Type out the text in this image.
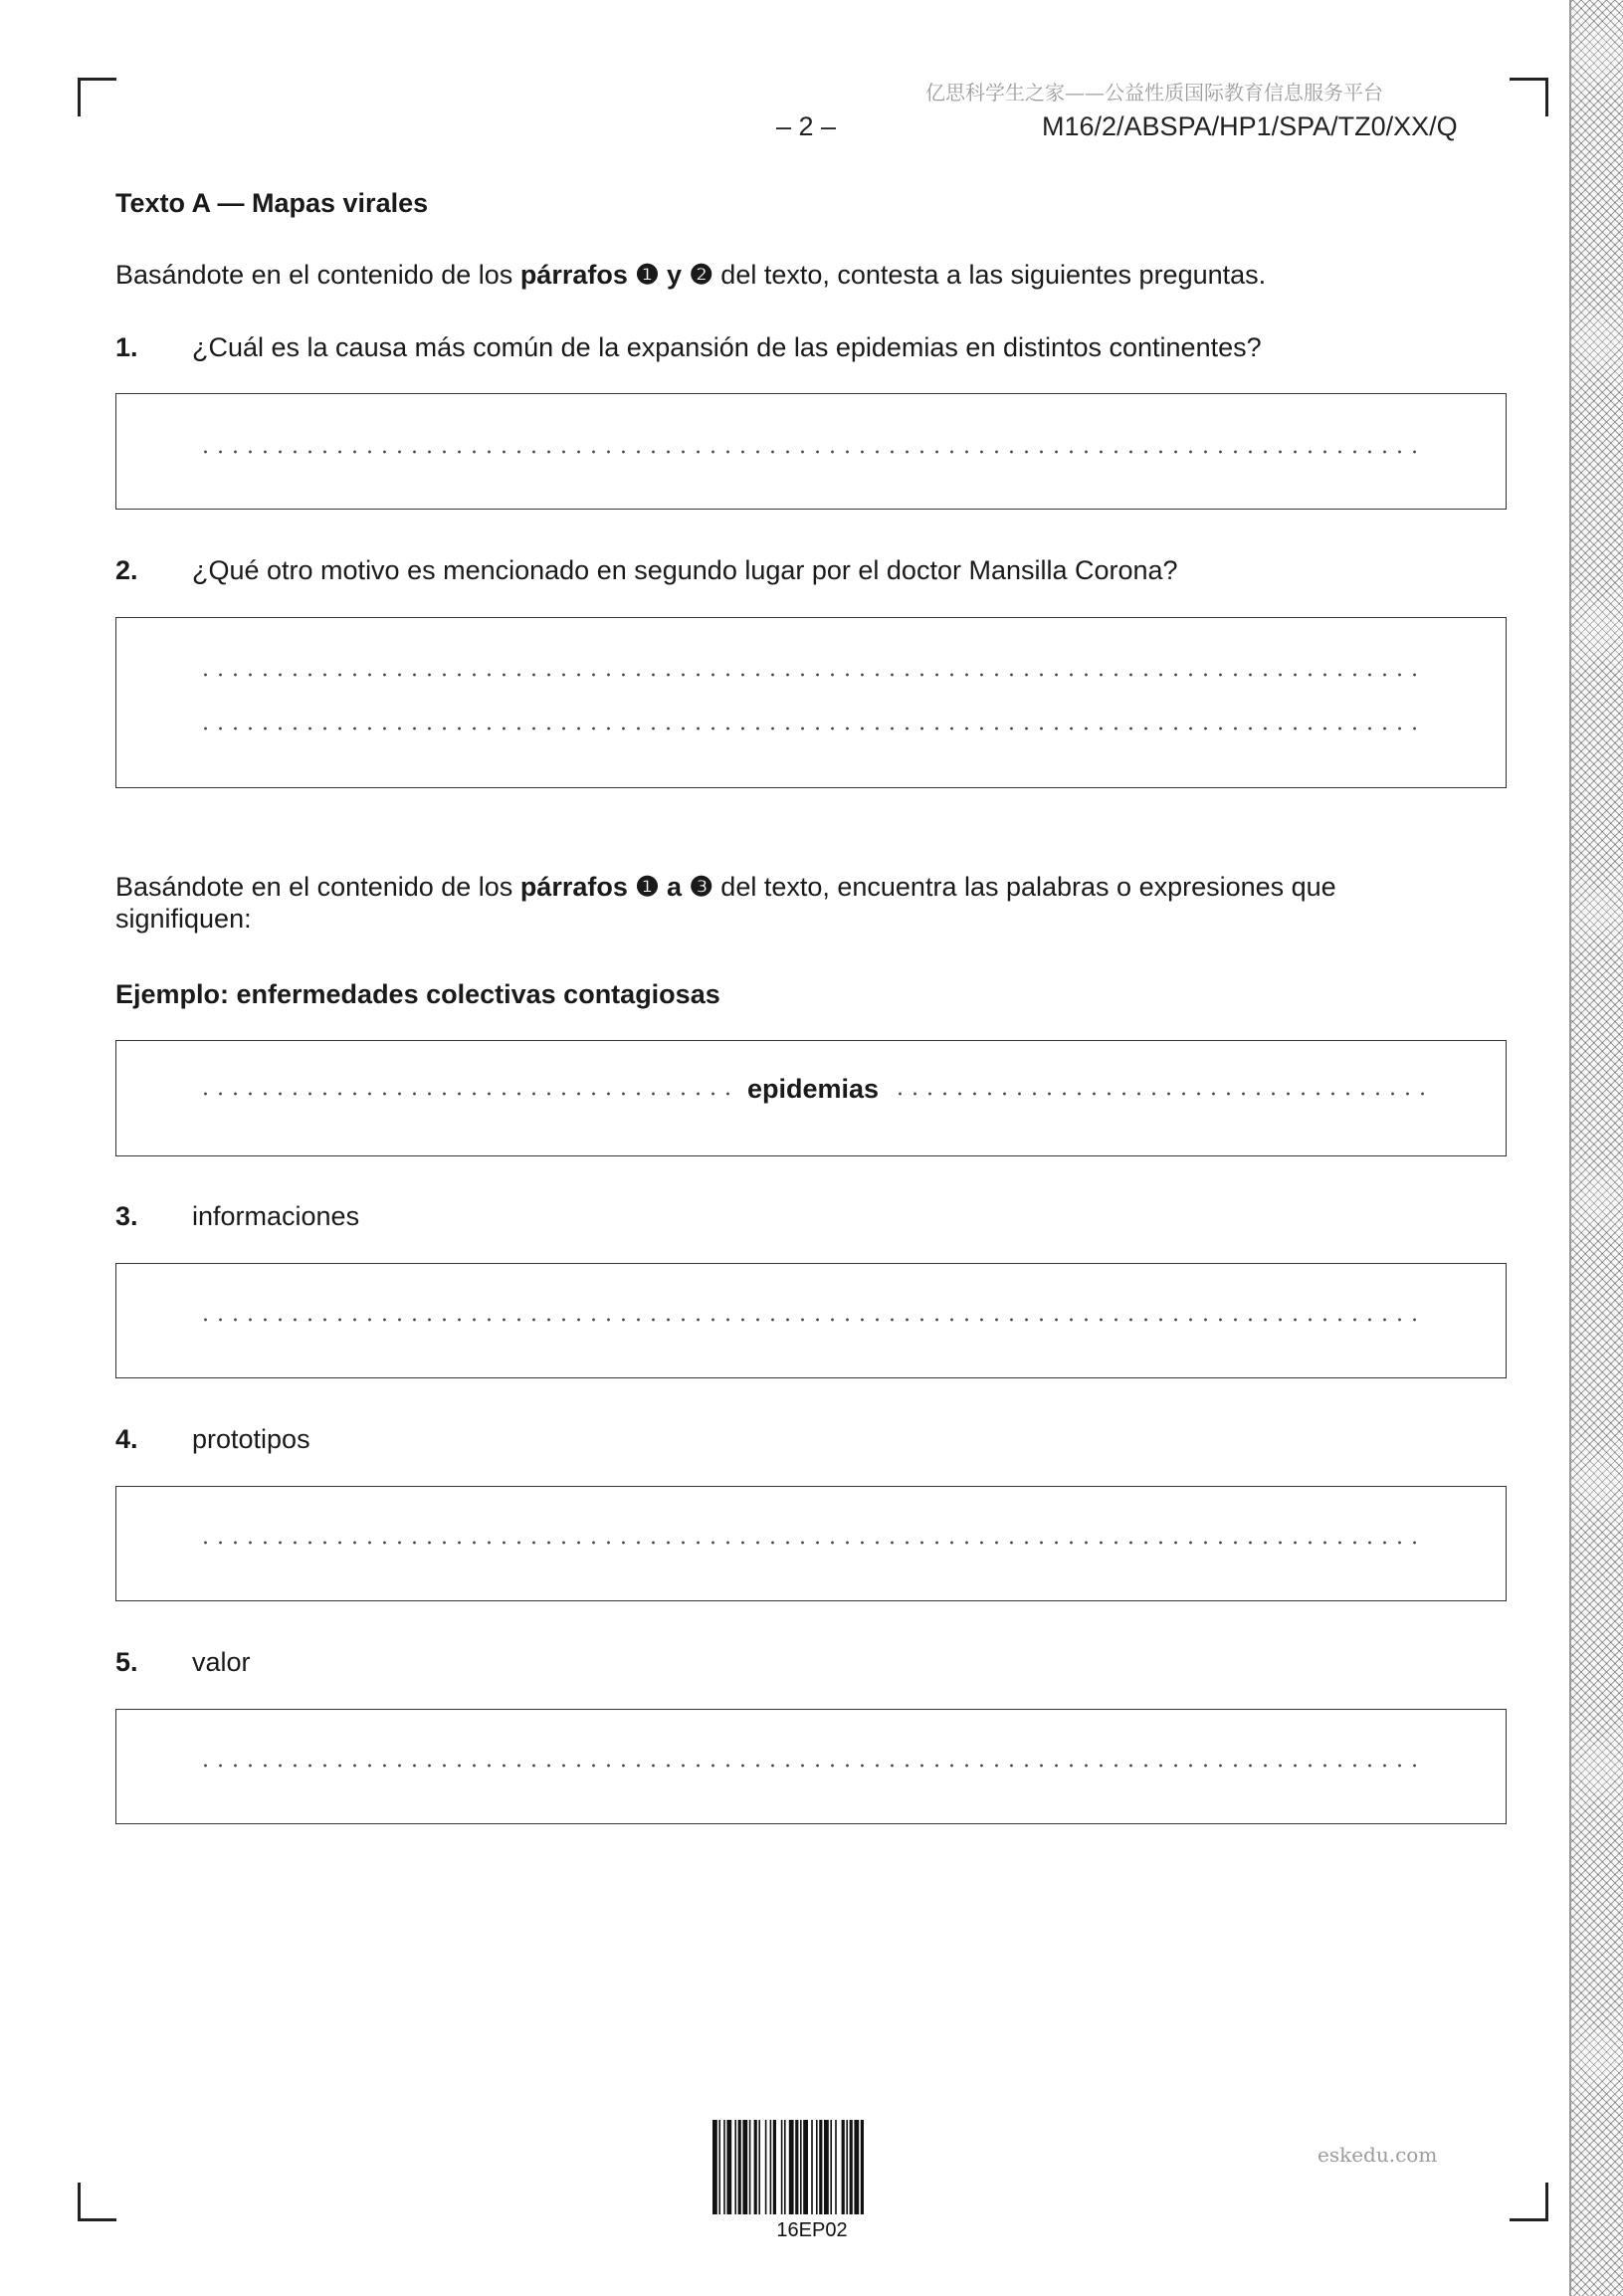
亿思科学生之家——公益性质国际教育信息服务平台
– 2 –	M16/2/ABSPA/HP1/SPA/TZ0/XX/Q
Texto A — Mapas virales
Basándote en el contenido de los párrafos ❶ y ❷ del texto, contesta a las siguientes preguntas.
1. ¿Cuál es la causa más común de la expansión de las epidemias en distintos continentes?
2. ¿Qué otro motivo es mencionado en segundo lugar por el doctor Mansilla Corona?
Basándote en el contenido de los párrafos ❶ a ❸ del texto, encuentra las palabras o expresiones que
signifiquen:
Ejemplo: enfermedades colectivas contagiosas
epidemias
3. informaciones
4. prototipos
5. valor
16EP02
eskedu.com
